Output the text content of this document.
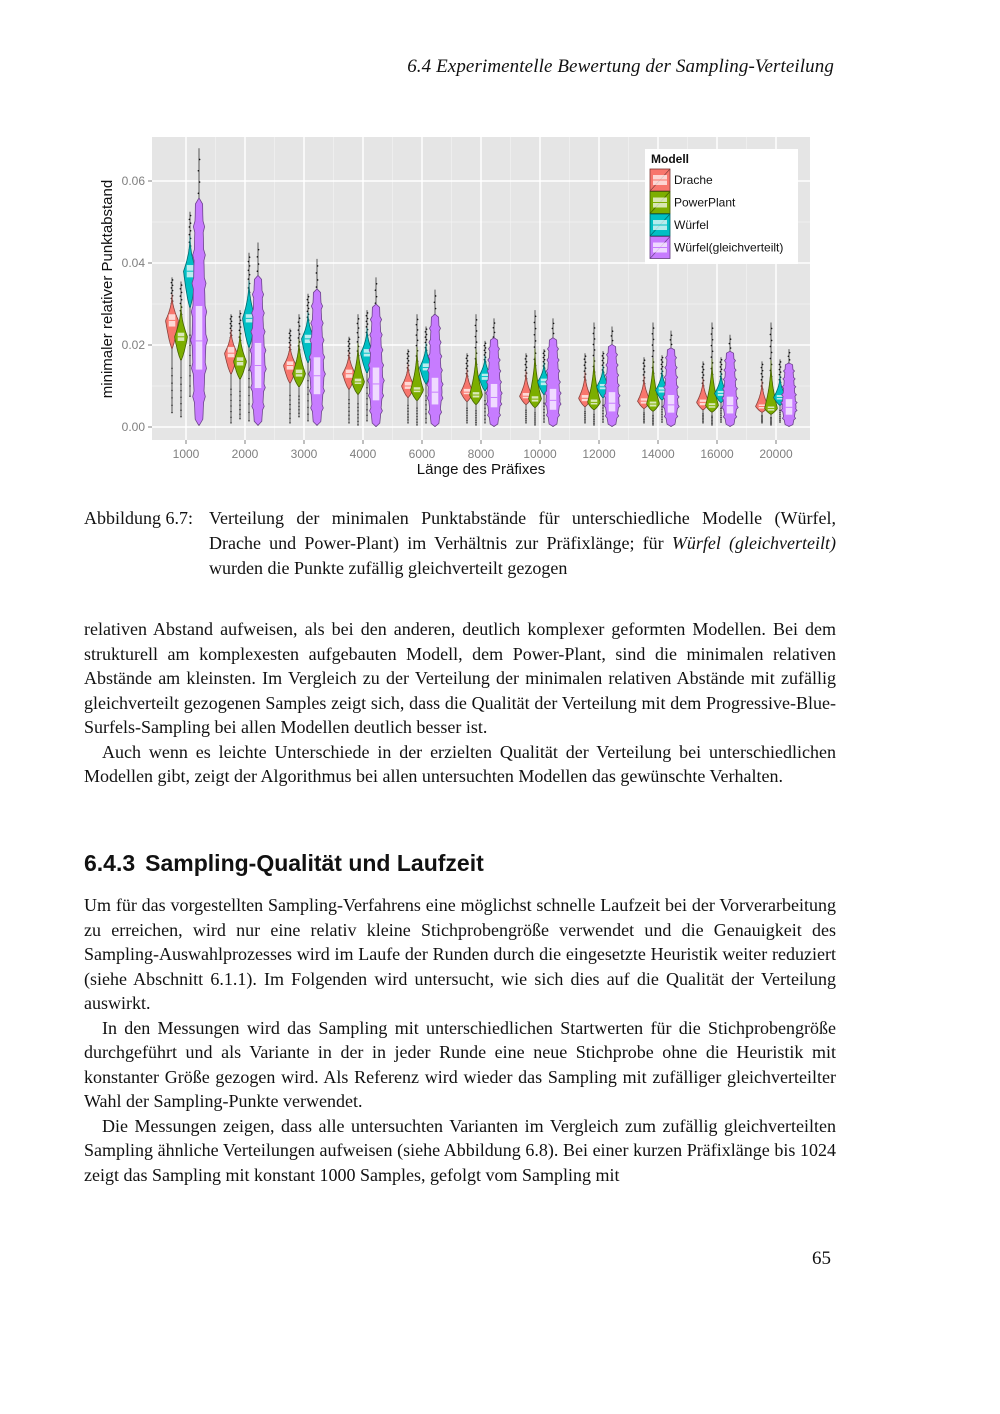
6.4 Experimentelle Bewertung der Sampling-Verteilung
0.00
0.02
0.04
0.06
1000	2000	3000	4000	6000	8000 10000 12000 14000 16000 20000
Länge des Präfixes
minimaler relativer Punktabstand
Modell
Drache
PowerPlant
Würfel
Würfel(gleichverteilt)
Abbildung 6.7: Verteilung der minimalen Punktabstände für unterschiedliche Modelle (Würfel, Drache und Power-Plant) im Verhältnis zur Präfixlänge; für Würfel (gleichverteilt) wurden die Punkte zufällig gleichverteilt gezogen

relativen Abstand aufweisen, als bei den anderen, deutlich komplexer geformten Modellen. Bei dem strukturell am komplexesten aufgebauten Modell, dem Power-Plant, sind die minimalen relativen Abstände am kleinsten. Im Vergleich zu der Verteilung der minimalen relativen Abstände mit zufällig gleichverteilt gezogenen Samples zeigt sich, dass die Qualität der Verteilung mit dem Progressive-Blue-Surfels-Sampling bei allen Modellen deutlich besser ist.

Auch wenn es leichte Unterschiede in der erzielten Qualität der Verteilung bei unterschiedlichen Modellen gibt, zeigt der Algorithmus bei allen untersuchten Modellen das gewünschte Verhalten.

6.4.3 Sampling-Qualität und Laufzeit

Um für das vorgestellten Sampling-Verfahrens eine möglichst schnelle Laufzeit bei der Vorverarbeitung zu erreichen, wird nur eine relativ kleine Stichprobengröße verwendet und die Genauigkeit des Sampling-Auswahlprozesses wird im Laufe der Runden durch die eingesetzte Heuristik weiter reduziert (siehe Abschnitt 6.1.1). Im Folgenden wird untersucht, wie sich dies auf die Qualität der Verteilung auswirkt.

In den Messungen wird das Sampling mit unterschiedlichen Startwerten für die Stichprobengröße durchgeführt und als Variante in der in jeder Runde eine neue Stichprobe ohne die Heuristik mit konstanter Größe gezogen wird. Als Referenz wird wieder das Sampling mit zufälliger gleichverteilter Wahl der Sampling-Punkte verwendet.

Die Messungen zeigen, dass alle untersuchten Varianten im Vergleich zum zufällig gleichverteilten Sampling ähnliche Verteilungen aufweisen (siehe Abbildung 6.8). Bei einer kurzen Präfixlänge bis 1024 zeigt das Sampling mit konstant 1000 Samples, gefolgt vom Sampling mit

65
